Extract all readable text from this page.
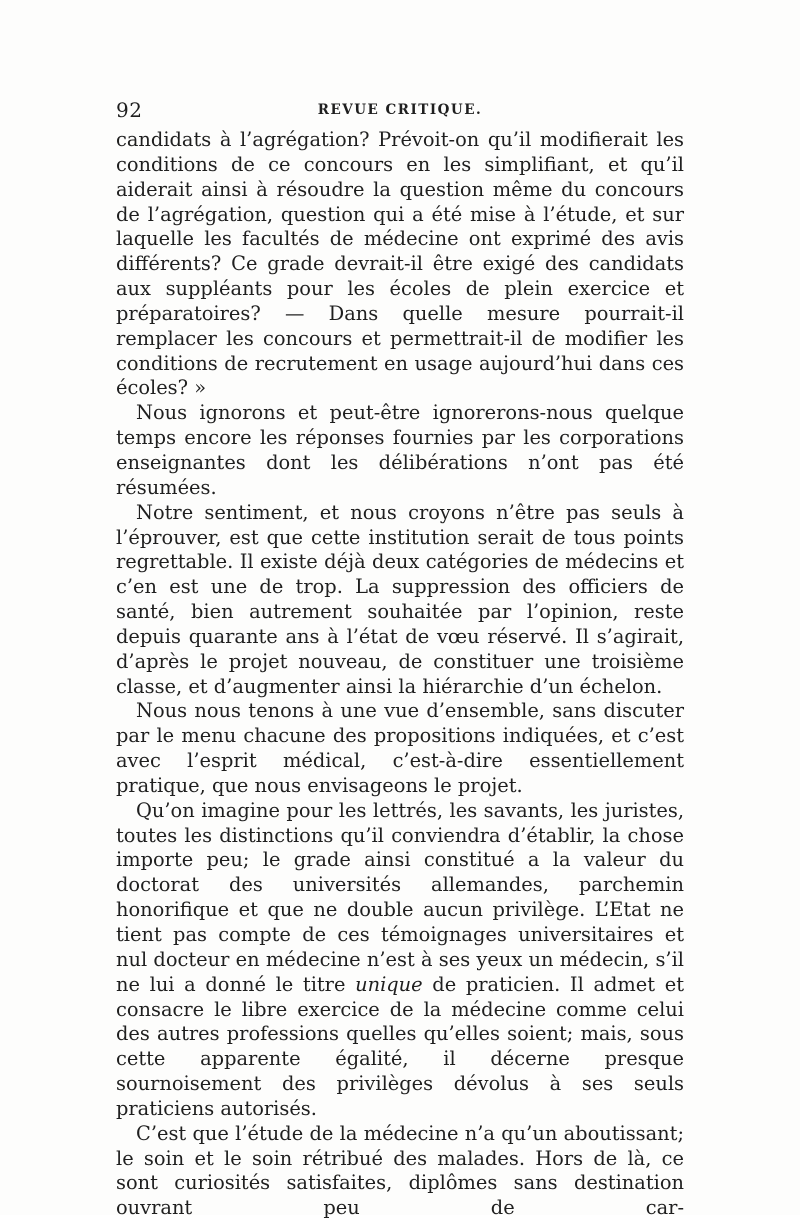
92	REVUE CRITIQUE.

candidats à l’agrégation? Prévoit-on qu’il modifierait les conditions de ce concours en les simplifiant, et qu’il aiderait ainsi à résoudre la question même du concours de l’agrégation, question qui a été mise à l’étude, et sur laquelle les facultés de médecine ont exprimé des avis différents? Ce grade devrait-il être exigé des candidats aux suppléants pour les écoles de plein exercice et préparatoires? — Dans quelle mesure pourrait-il remplacer les concours et permettrait-il de modifier les conditions de recrutement en usage aujourd’hui dans ces écoles? »

Nous ignorons et peut-être ignorerons-nous quelque temps encore les réponses fournies par les corporations enseignantes dont les délibérations n’ont pas été résumées.

Notre sentiment, et nous croyons n’être pas seuls à l’éprouver, est que cette institution serait de tous points regrettable. Il existe déjà deux catégories de médecins et c’en est une de trop. La suppression des officiers de santé, bien autrement souhaitée par l’opinion, reste depuis quarante ans à l’état de vœu réservé. Il s’agirait, d’après le projet nouveau, de constituer une troisième classe, et d’augmenter ainsi la hiérarchie d’un échelon.

Nous nous tenons à une vue d’ensemble, sans discuter par le menu chacune des propositions indiquées, et c’est avec l’esprit médical, c’est-à-dire essentiellement pratique, que nous envisageons le projet.

Qu’on imagine pour les lettrés, les savants, les juristes, toutes les distinctions qu’il conviendra d’établir, la chose importe peu; le grade ainsi constitué a la valeur du doctorat des universités allemandes, parchemin honorifique et que ne double aucun privilège. L’Etat ne tient pas compte de ces témoignages universitaires et nul docteur en médecine n’est à ses yeux un médecin, s’il ne lui a donné le titre unique de praticien. Il admet et consacre le libre exercice de la médecine comme celui des autres professions quelles qu’elles soient; mais, sous cette apparente égalité, il décerne presque sournoisement des privilèges dévolus à ses seuls praticiens autorisés.

C’est que l’étude de la médecine n’a qu’un aboutissant; le soin et le soin rétribué des malades. Hors de là, ce sont curiosités satisfaites, diplômes sans destination ouvrant peu de car-
